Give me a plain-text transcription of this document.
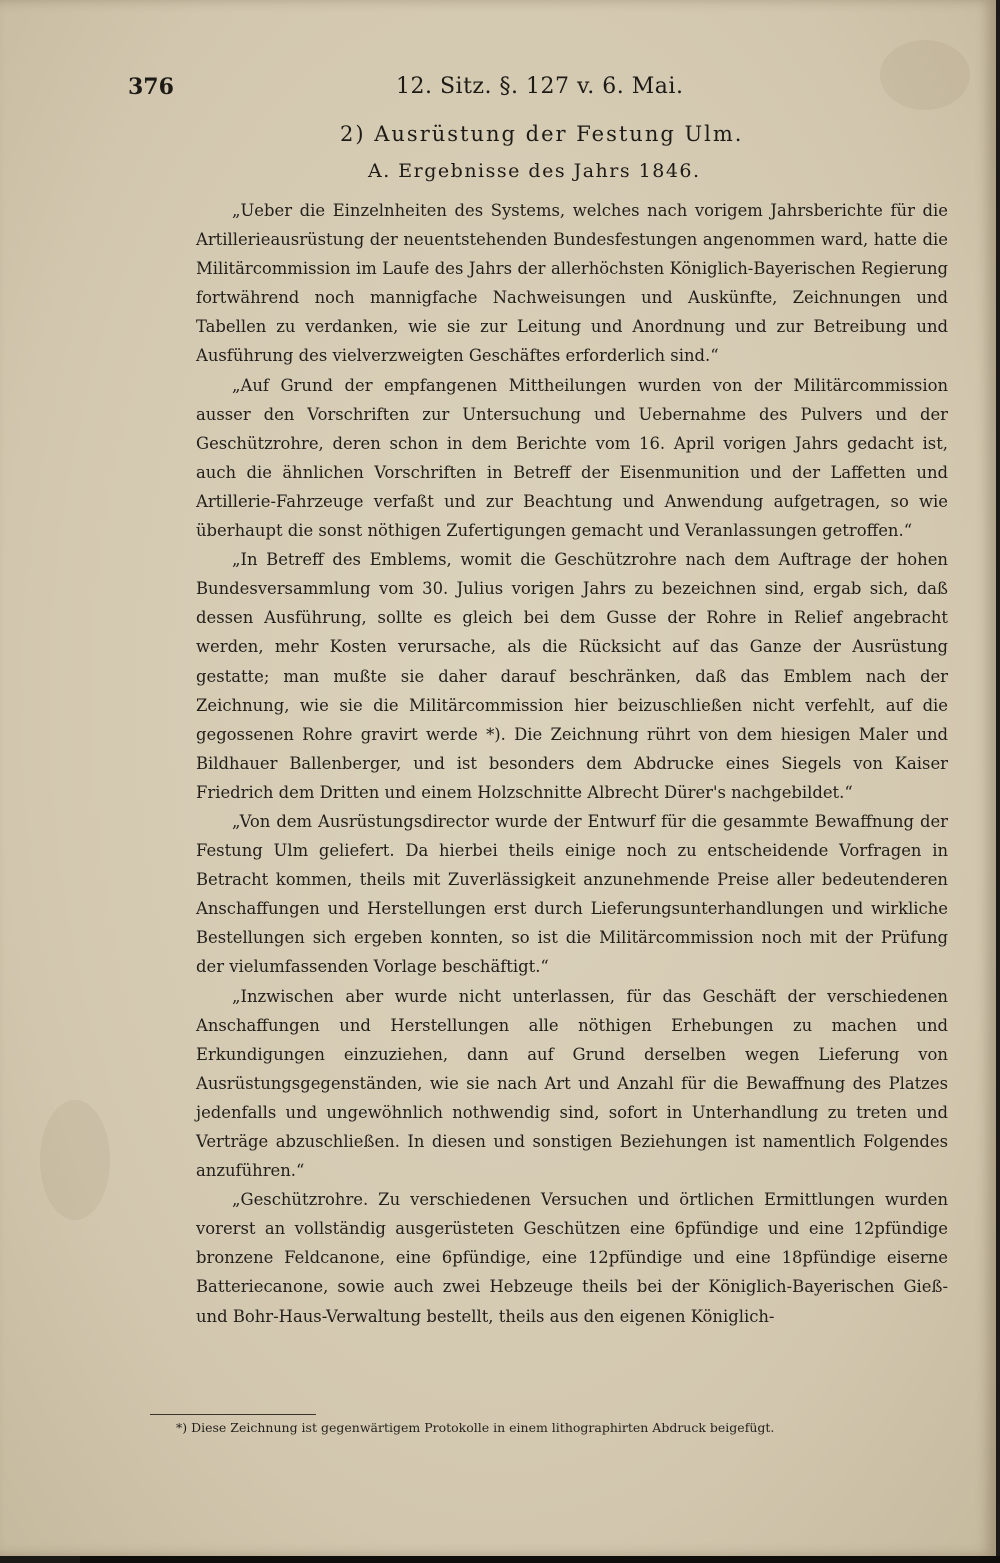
376	12. Sitz. §. 127 v. 6. Mai.
2) Ausrüstung der Festung Ulm.
A. Ergebnisse des Jahrs 1846.

„Ueber die Einzelnheiten des Systems, welches nach vorigem Jahrsberichte für die Artillerieausrüstung der neuentstehenden Bundesfestungen angenommen ward, hatte die Militärcommission im Laufe des Jahrs der allerhöchsten Königlich-Bayerischen Regierung fortwährend noch mannigfache Nachweisungen und Auskünfte, Zeichnungen und Tabellen zu verdanken, wie sie zur Leitung und Anordnung und zur Betreibung und Ausführung des vielverzweigten Geschäftes erforderlich sind.“

„Auf Grund der empfangenen Mittheilungen wurden von der Militärcommission ausser den Vorschriften zur Untersuchung und Uebernahme des Pulvers und der Geschützrohre, deren schon in dem Berichte vom 16. April vorigen Jahrs gedacht ist, auch die ähnlichen Vorschriften in Betreff der Eisenmunition und der Laffetten und Artillerie-Fahrzeuge verfaßt und zur Beachtung und Anwendung aufgetragen, so wie überhaupt die sonst nöthigen Zufertigungen gemacht und Veranlassungen getroffen.“

„In Betreff des Emblems, womit die Geschützrohre nach dem Auftrage der hohen Bundesversammlung vom 30. Julius vorigen Jahrs zu bezeichnen sind, ergab sich, daß dessen Ausführung, sollte es gleich bei dem Gusse der Rohre in Relief angebracht werden, mehr Kosten verursache, als die Rücksicht auf das Ganze der Ausrüstung gestatte; man mußte sie daher darauf beschränken, daß das Emblem nach der Zeichnung, wie sie die Militärcommission hier beizuschließen nicht verfehlt, auf die gegossenen Rohre gravirt werde *). Die Zeichnung rührt von dem hiesigen Maler und Bildhauer Ballenberger, und ist besonders dem Abdrucke eines Siegels von Kaiser Friedrich dem Dritten und einem Holzschnitte Albrecht Dürer's nachgebildet.“

„Von dem Ausrüstungsdirector wurde der Entwurf für die gesammte Bewaffnung der Festung Ulm geliefert. Da hierbei theils einige noch zu entscheidende Vorfragen in Betracht kommen, theils mit Zuverlässigkeit anzunehmende Preise aller bedeutenderen Anschaffungen und Herstellungen erst durch Lieferungsunterhandlungen und wirkliche Bestellungen sich ergeben konnten, so ist die Militärcommission noch mit der Prüfung der vielumfassenden Vorlage beschäftigt.“

„Inzwischen aber wurde nicht unterlassen, für das Geschäft der verschiedenen Anschaffungen und Herstellungen alle nöthigen Erhebungen zu machen und Erkundigungen einzuziehen, dann auf Grund derselben wegen Lieferung von Ausrüstungsgegenständen, wie sie nach Art und Anzahl für die Bewaffnung des Platzes jedenfalls und ungewöhnlich nothwendig sind, sofort in Unterhandlung zu treten und Verträge abzuschließen. In diesen und sonstigen Beziehungen ist namentlich Folgendes anzuführen.“

„Geschützrohre. Zu verschiedenen Versuchen und örtlichen Ermittlungen wurden vorerst an vollständig ausgerüsteten Geschützen eine 6pfündige und eine 12pfündige bronzene Feldcanone, eine 6pfündige, eine 12pfündige und eine 18pfündige eiserne Batteriecanone, sowie auch zwei Hebzeuge theils bei der Königlich-Bayerischen Gieß- und Bohr-Haus-Verwaltung bestellt, theils aus den eigenen Königlich-

*) Diese Zeichnung ist gegenwärtigem Protokolle in einem lithographirten Abdruck beigefügt.
